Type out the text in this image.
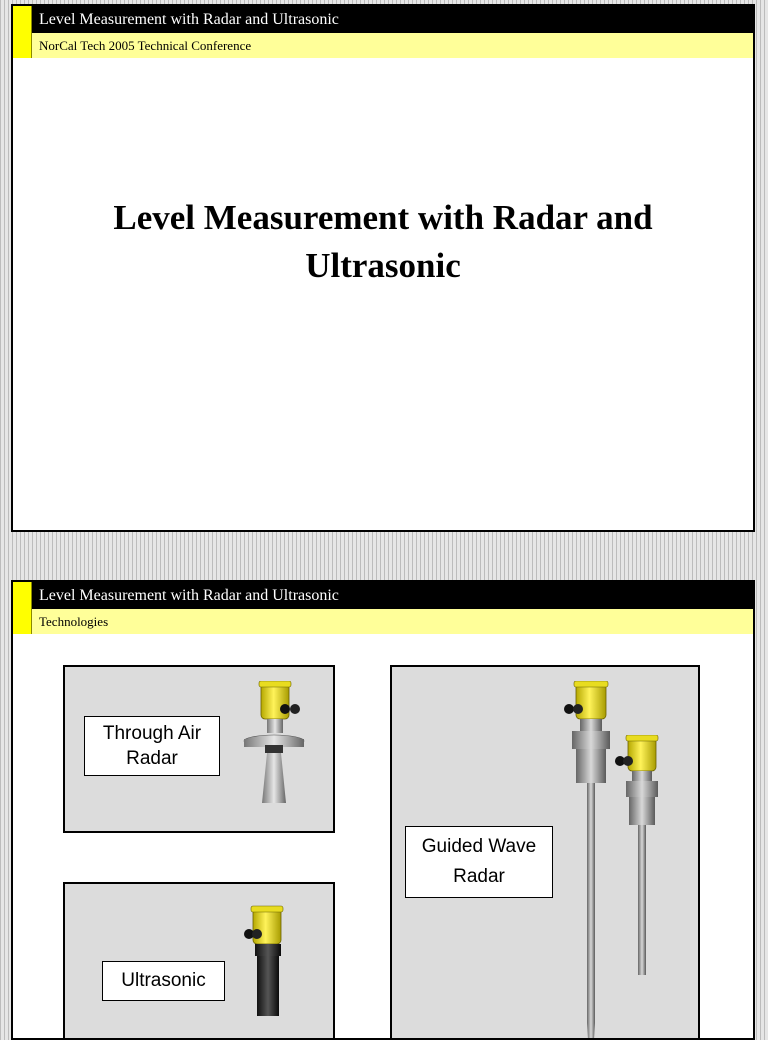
Level Measurement with Radar and Ultrasonic
NorCal Tech 2005 Technical Conference
Level Measurement with Radar and
Ultrasonic
Level Measurement with Radar and Ultrasonic
Technologies
Through Air
Radar
Ultrasonic
Guided Wave
Radar
